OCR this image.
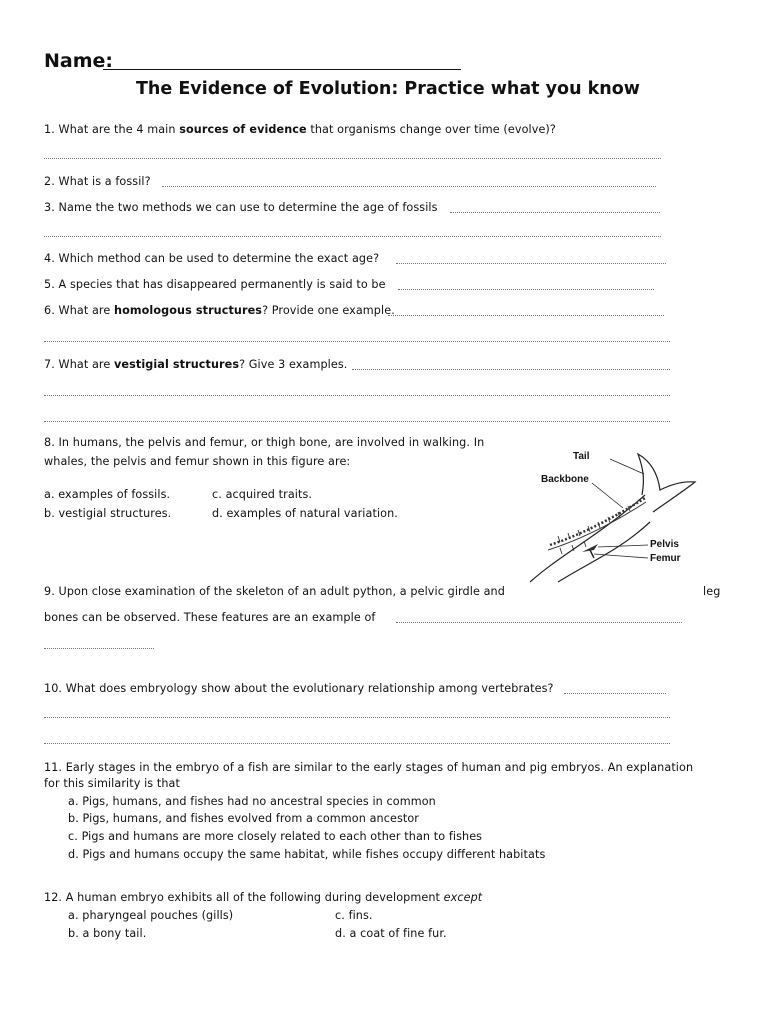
Name:
The Evidence of Evolution: Practice what you know
1. What are the 4 main sources of evidence that organisms change over time (evolve)?
2. What is a fossil?
3. Name the two methods we can use to determine the age of fossils
4. Which method can be used to determine the exact age?
5. A species that has disappeared permanently is said to be
6. What are homologous structures? Provide one example.
7. What are vestigial structures? Give 3 examples.
8. In humans, the pelvis and femur, or thigh bone, are involved in walking. In
whales, the pelvis and femur shown in this figure are:
a. examples of fossils.	c. acquired traits.
b. vestigial structures.	d. examples of natural variation.
Tail
Backbone
Pelvis
Femur
9. Upon close examination of the skeleton of an adult python, a pelvic girdle and	leg
bones can be observed. These features are an example of
10. What does embryology show about the evolutionary relationship among vertebrates?
11. Early stages in the embryo of a fish are similar to the early stages of human and pig embryos. An explanation
for this similarity is that
a. Pigs, humans, and fishes had no ancestral species in common
b. Pigs, humans, and fishes evolved from a common ancestor
c. Pigs and humans are more closely related to each other than to fishes
d. Pigs and humans occupy the same habitat, while fishes occupy different habitats
12. A human embryo exhibits all of the following during development except
a. pharyngeal pouches (gills)	c. fins.
b. a bony tail.	d. a coat of fine fur.
